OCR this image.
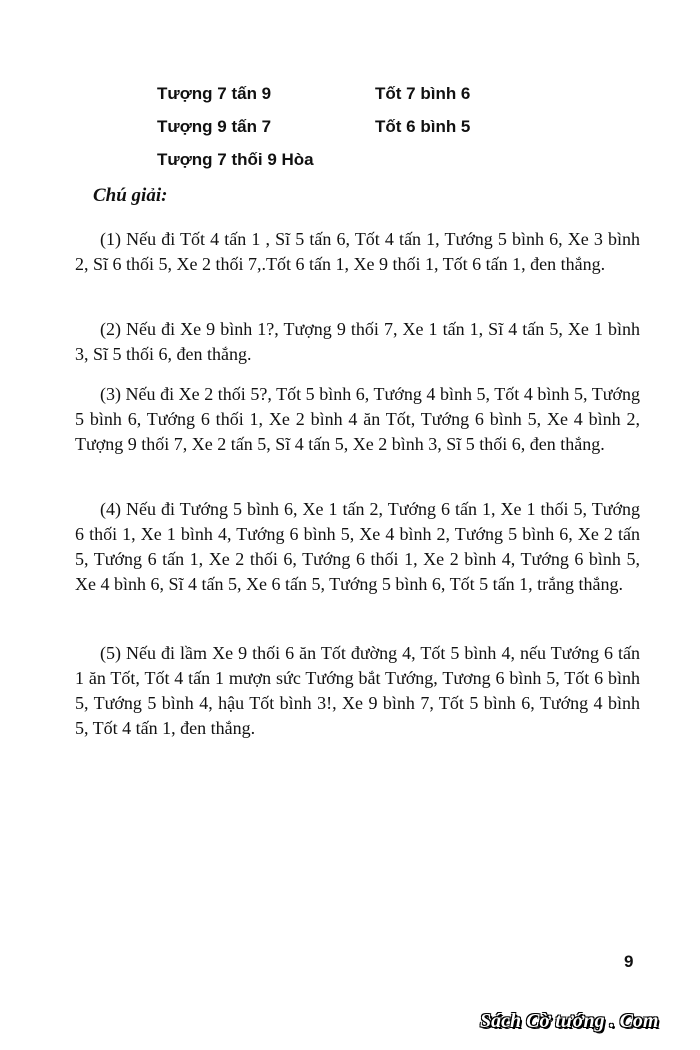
Tượng 7 tấn 9	Tốt 7 bình 6
Tượng 9 tấn 7	Tốt 6 bình 5
Tượng 7 thối 9 Hòa
Chú giải:
(1) Nếu đi Tốt 4 tấn 1 , Sĩ 5 tấn 6, Tốt 4 tấn 1, Tướng 5 bình 6, Xe 3 bình 2, Sĩ 6 thối 5, Xe 2 thối 7,.Tốt 6 tấn 1, Xe 9 thối 1, Tốt 6 tấn 1, đen thắng.
(2) Nếu đi Xe 9 bình 1?, Tượng 9 thối 7, Xe 1 tấn 1, Sĩ 4 tấn 5, Xe 1 bình 3, Sĩ 5 thối 6, đen thắng.
(3) Nếu đi Xe 2 thối 5?, Tốt 5 bình 6, Tướng 4 bình 5, Tốt 4 bình 5, Tướng 5 bình 6, Tướng 6 thối 1, Xe 2 bình 4 ăn Tốt, Tướng 6 bình 5, Xe 4 bình 2, Tượng 9 thối 7, Xe 2 tấn 5, Sĩ 4 tấn 5, Xe 2 bình 3, Sĩ 5 thối 6, đen thắng.
(4) Nếu đi Tướng 5 bình 6, Xe 1 tấn 2, Tướng 6 tấn 1, Xe 1 thối 5, Tướng 6 thối 1, Xe 1 bình 4, Tướng 6 bình 5, Xe 4 bình 2, Tướng 5 bình 6, Xe 2 tấn 5, Tướng 6 tấn 1, Xe 2 thối 6, Tướng 6 thối 1, Xe 2 bình 4, Tướng 6 bình 5, Xe 4 bình 6, Sĩ 4 tấn 5, Xe 6 tấn 5, Tướng 5 bình 6, Tốt 5 tấn 1, trắng thắng.
(5) Nếu đi lầm Xe 9 thối 6 ăn Tốt đường 4, Tốt 5 bình 4, nếu Tướng 6 tấn 1 ăn Tốt, Tốt 4 tấn 1 mượn sức Tướng bắt Tướng, Tương 6 bình 5, Tốt 6 bình 5, Tướng 5 bình 4, hậu Tốt bình 3!, Xe 9 bình 7, Tốt 5 bình 6, Tướng 4 bình 5, Tốt 4 tấn 1, đen thắng.
9
Sách Cờ tướng . Com
